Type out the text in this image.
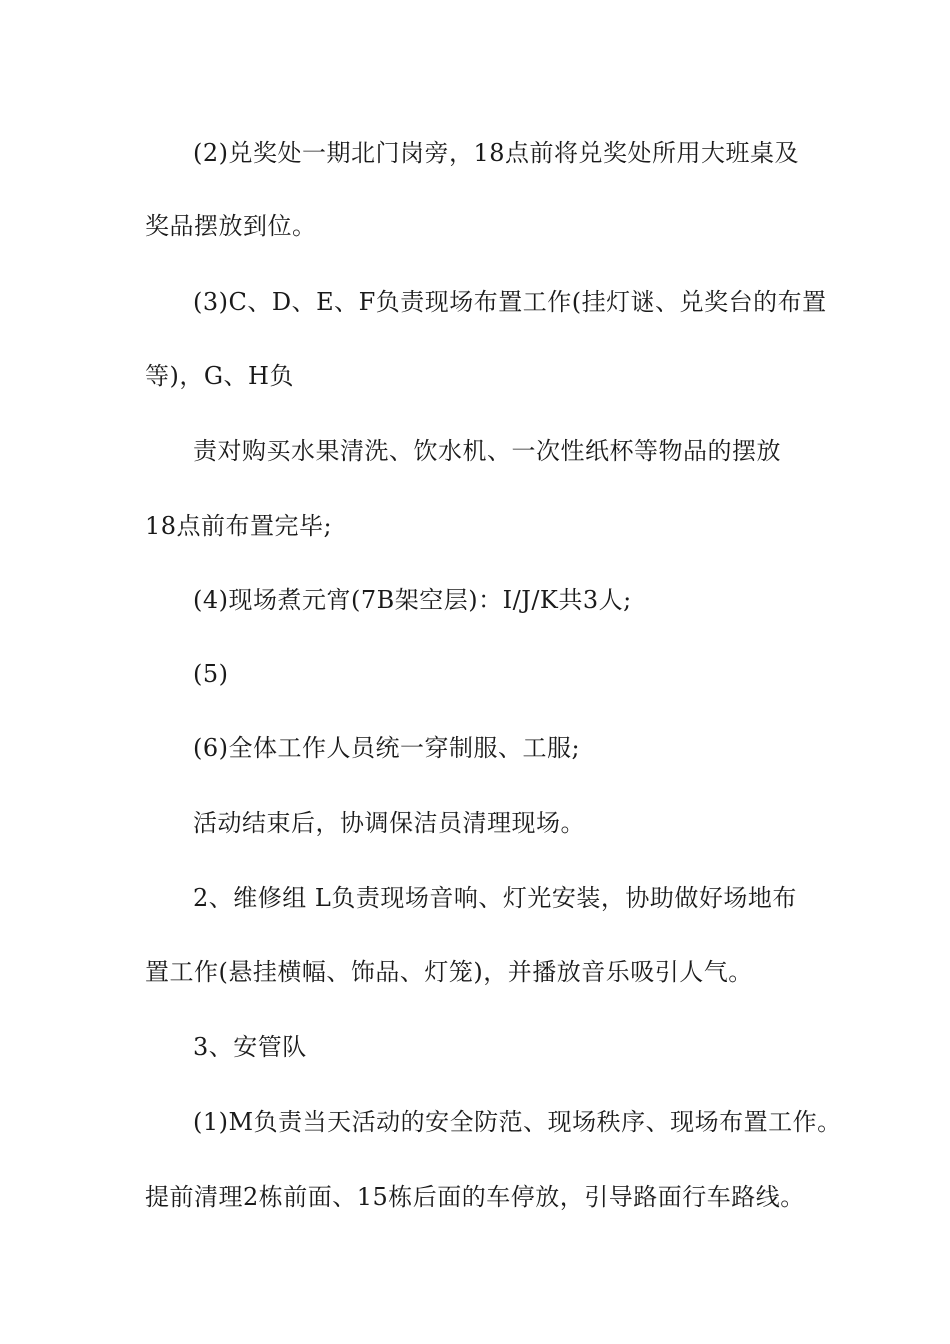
(2)兑奖处一期北门岗旁，18点前将兑奖处所用大班桌及
奖品摆放到位。
(3)C、D、E、F负责现场布置工作(挂灯谜、兑奖台的布置
等)，G、H负
责对购买水果清洗、饮水机、一次性纸杯等物品的摆放
18点前布置完毕;
(4)现场煮元宵(7B架空层)：I/J/K共3人;
(5)
(6)全体工作人员统一穿制服、工服;
活动结束后，协调保洁员清理现场。
2、维修组 L负责现场音响、灯光安装，协助做好场地布
置工作(悬挂横幅、饰品、灯笼)，并播放音乐吸引人气。
3、安管队
(1)M负责当天活动的安全防范、现场秩序、现场布置工作。
提前清理2栋前面、15栋后面的车停放，引导路面行车路线。
